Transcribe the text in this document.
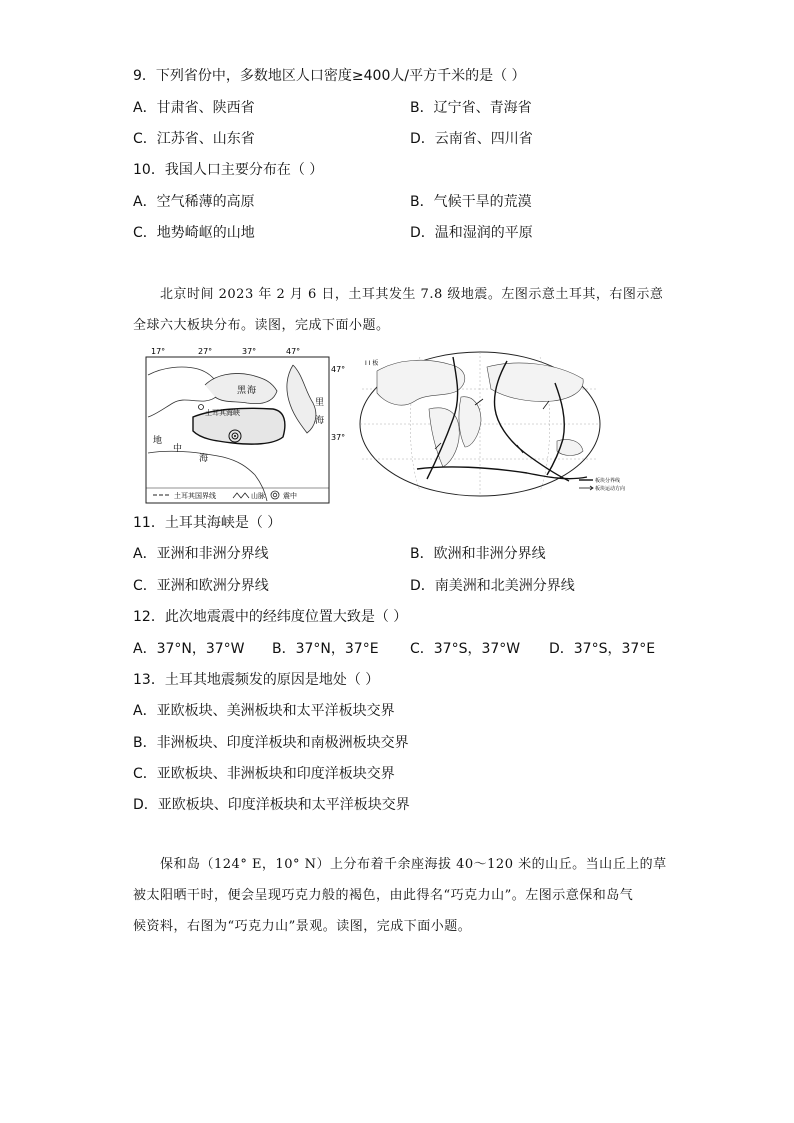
9．下列省份中，多数地区人口密度≥400人/平方千米的是（ ）
A．甘肃省、陕西省	B．辽宁省、青海省
C．江苏省、山东省	D．云南省、四川省
10．我国人口主要分布在（ ）
A．空气稀薄的高原	B．气候干旱的荒漠
C．地势崎岖的山地	D．温和湿润的平原
北京时间 2023 年 2 月 6 日，土耳其发生 7.8 级地震。左图示意土耳其，右图示意
全球六大板块分布。读图，完成下面小题。
17°	27°	37°	47°
47°
37°
黑 海
地
中
海
里
海
土耳其海峡
土耳其国界线	山脉	震中
I I 板
板块分界线
板块运动方向
11．土耳其海峡是（ ）
A．亚洲和非洲分界线	B．欧洲和非洲分界线
C．亚洲和欧洲分界线	D．南美洲和北美洲分界线
12．此次地震震中的经纬度位置大致是（ ）
A．37°N，37°W B．37°N，37°E C．37°S，37°W D．37°S，37°E
13．土耳其地震频发的原因是地处（ ）
A．亚欧板块、美洲板块和太平洋板块交界
B．非洲板块、印度洋板块和南极洲板块交界
C．亚欧板块、非洲板块和印度洋板块交界
D．亚欧板块、印度洋板块和太平洋板块交界
保和岛（124° E，10° N）上分布着千余座海拔 40～120 米的山丘。当山丘上的草
被太阳晒干时，便会呈现巧克力般的褐色，由此得名“巧克力山”。左图示意保和岛气
候资料，右图为“巧克力山”景观。读图，完成下面小题。
